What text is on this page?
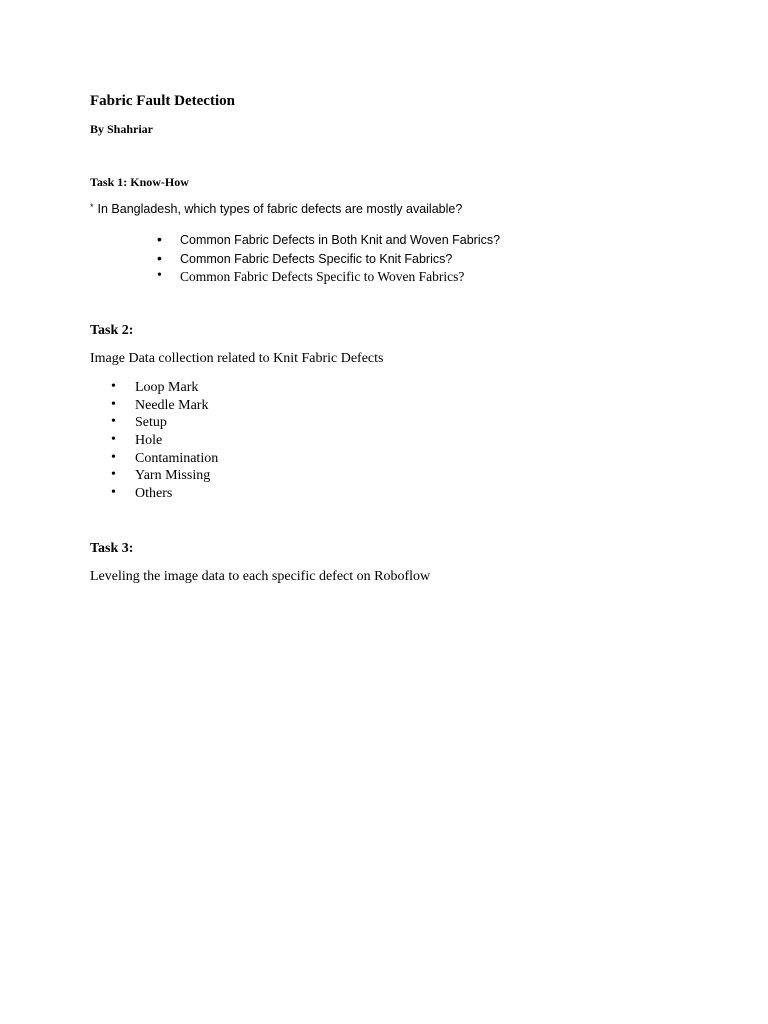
Fabric Fault Detection
By Shahriar
Task 1: Know-How
* In Bangladesh, which types of fabric defects are mostly available?
• Common Fabric Defects in Both Knit and Woven Fabrics?
• Common Fabric Defects Specific to Knit Fabrics?
• Common Fabric Defects Specific to Woven Fabrics?
Task 2:
Image Data collection related to Knit Fabric Defects
• Loop Mark
• Needle Mark
• Setup
• Hole
• Contamination
• Yarn Missing
• Others
Task 3:
Leveling the image data to each specific defect on Roboflow
